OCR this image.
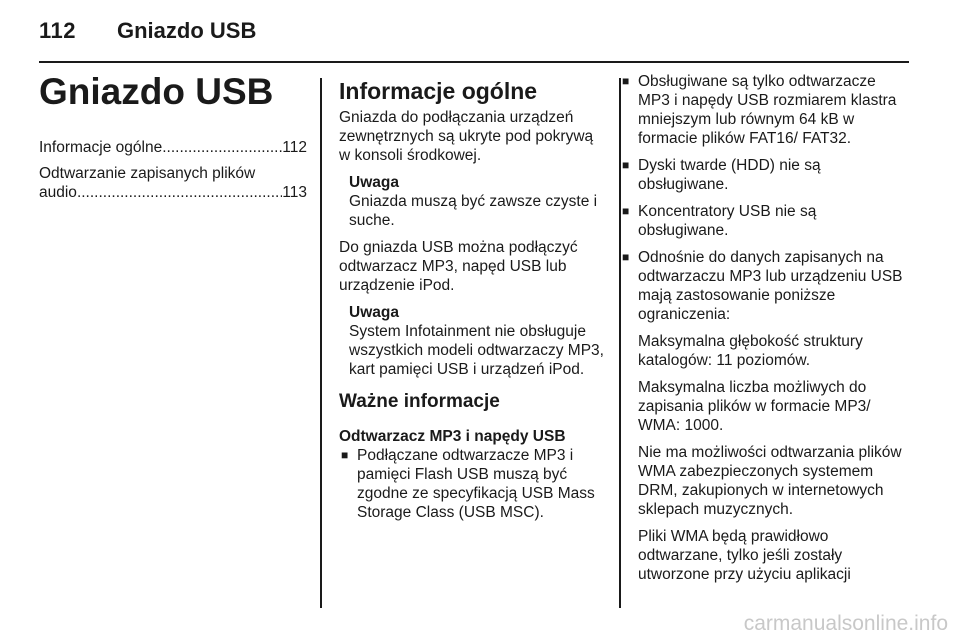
112 Gniazdo USB
Gniazdo USB
Informacje ogólne .....	112
Odtwarzanie zapisanych plików
audio .....	113
Informacje ogólne

Gniazda do podłączania urządzeń zewnętrznych są ukryte pod pokrywą w konsoli środkowej.

Uwaga
Gniazda muszą być zawsze czyste i suche.

Do gniazda USB można podłączyć odtwarzacz MP3, napęd USB lub urządzenie iPod.

Uwaga
System Infotainment nie obsługuje wszystkich modeli odtwarzaczy MP3, kart pamięci USB i urządzeń iPod.
Ważne informacje
Odtwarzacz MP3 i napędy USB
■ Podłączane odtwarzacze MP3 i pamięci Flash USB muszą być zgodne ze specyfikacją USB Mass Storage Class (USB MSC).
■ Obsługiwane są tylko odtwarzacze MP3 i napędy USB rozmiarem klastra mniejszym lub równym 64 kB w formacie plików FAT16/ FAT32.
■ Dyski twarde (HDD) nie są obsługiwane.
■ Koncentratory USB nie są obsługiwane.
■ Odnośnie do danych zapisanych na odtwarzaczu MP3 lub urządzeniu USB mają zastosowanie poniższe ograniczenia:

Maksymalna głębokość struktury katalogów: 11 poziomów.

Maksymalna liczba możliwych do zapisania plików w formacie MP3/ WMA: 1000.

Nie ma możliwości odtwarzania plików WMA zabezpieczonych systemem DRM, zakupionych w internetowych sklepach muzycznych.

Pliki WMA będą prawidłowo odtwarzane, tylko jeśli zostały utworzone przy użyciu aplikacji

carmanualsonline.info
